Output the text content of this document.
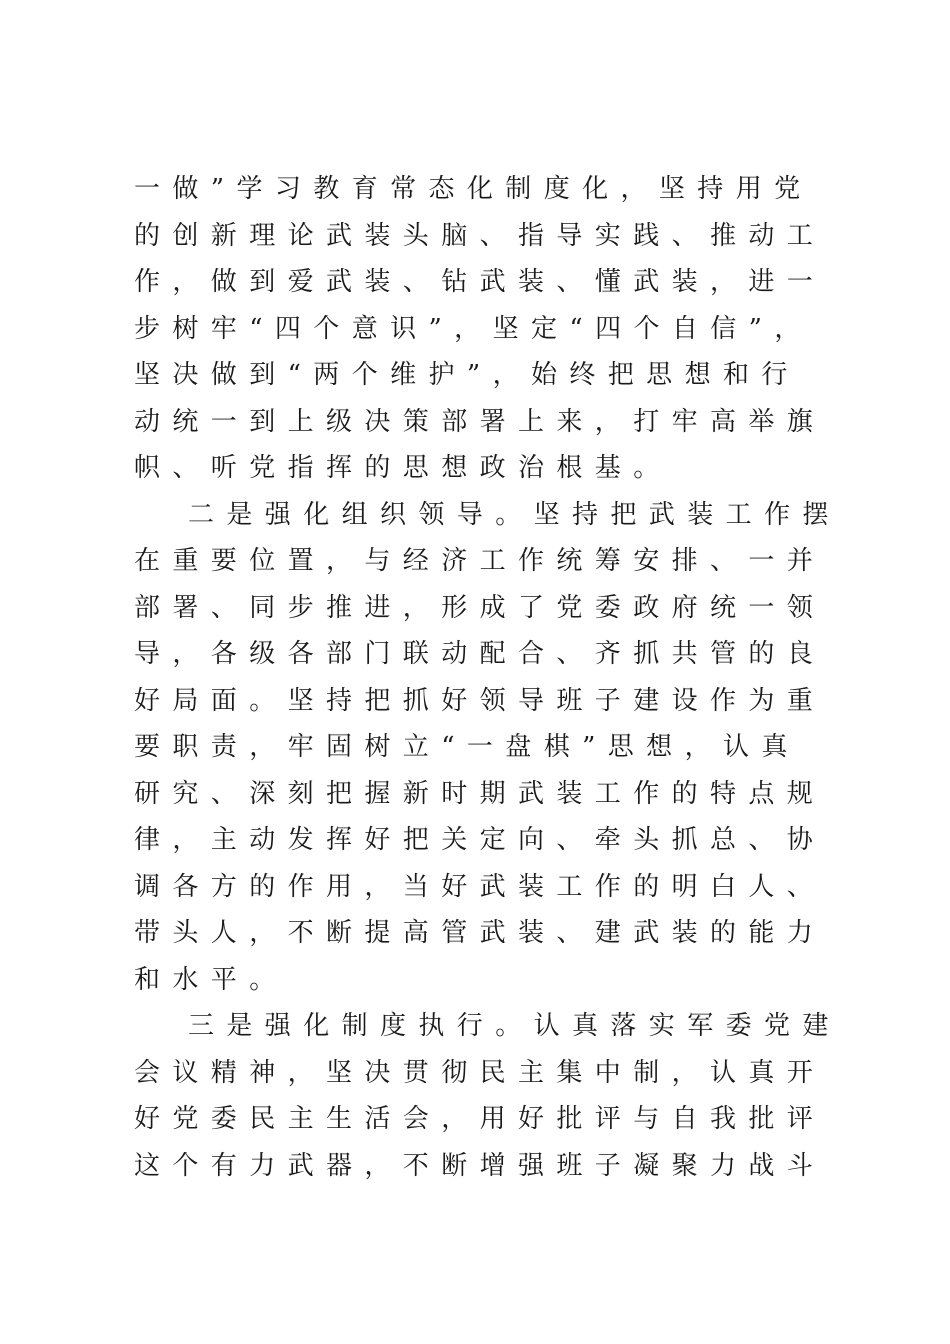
一做”学习教育常态化制度化，坚持用党
的创新理论武装头脑、指导实践、推动工
作，做到爱武装、钻武装、懂武装，进一
步树牢“四个意识”，坚定“四个自信”，
坚决做到“两个维护”，始终把思想和行
动统一到上级决策部署上来，打牢高举旗
帜、听党指挥的思想政治根基。
二是强化组织领导。坚持把武装工作摆
在重要位置，与经济工作统筹安排、一并
部署、同步推进，形成了党委政府统一领
导，各级各部门联动配合、齐抓共管的良
好局面。坚持把抓好领导班子建设作为重
要职责，牢固树立“一盘棋”思想，认真
研究、深刻把握新时期武装工作的特点规
律，主动发挥好把关定向、牵头抓总、协
调各方的作用，当好武装工作的明白人、
带头人，不断提高管武装、建武装的能力
和水平。
三是强化制度执行。认真落实军委党建
会议精神，坚决贯彻民主集中制，认真开
好党委民主生活会，用好批评与自我批评
这个有力武器，不断增强班子凝聚力战斗
